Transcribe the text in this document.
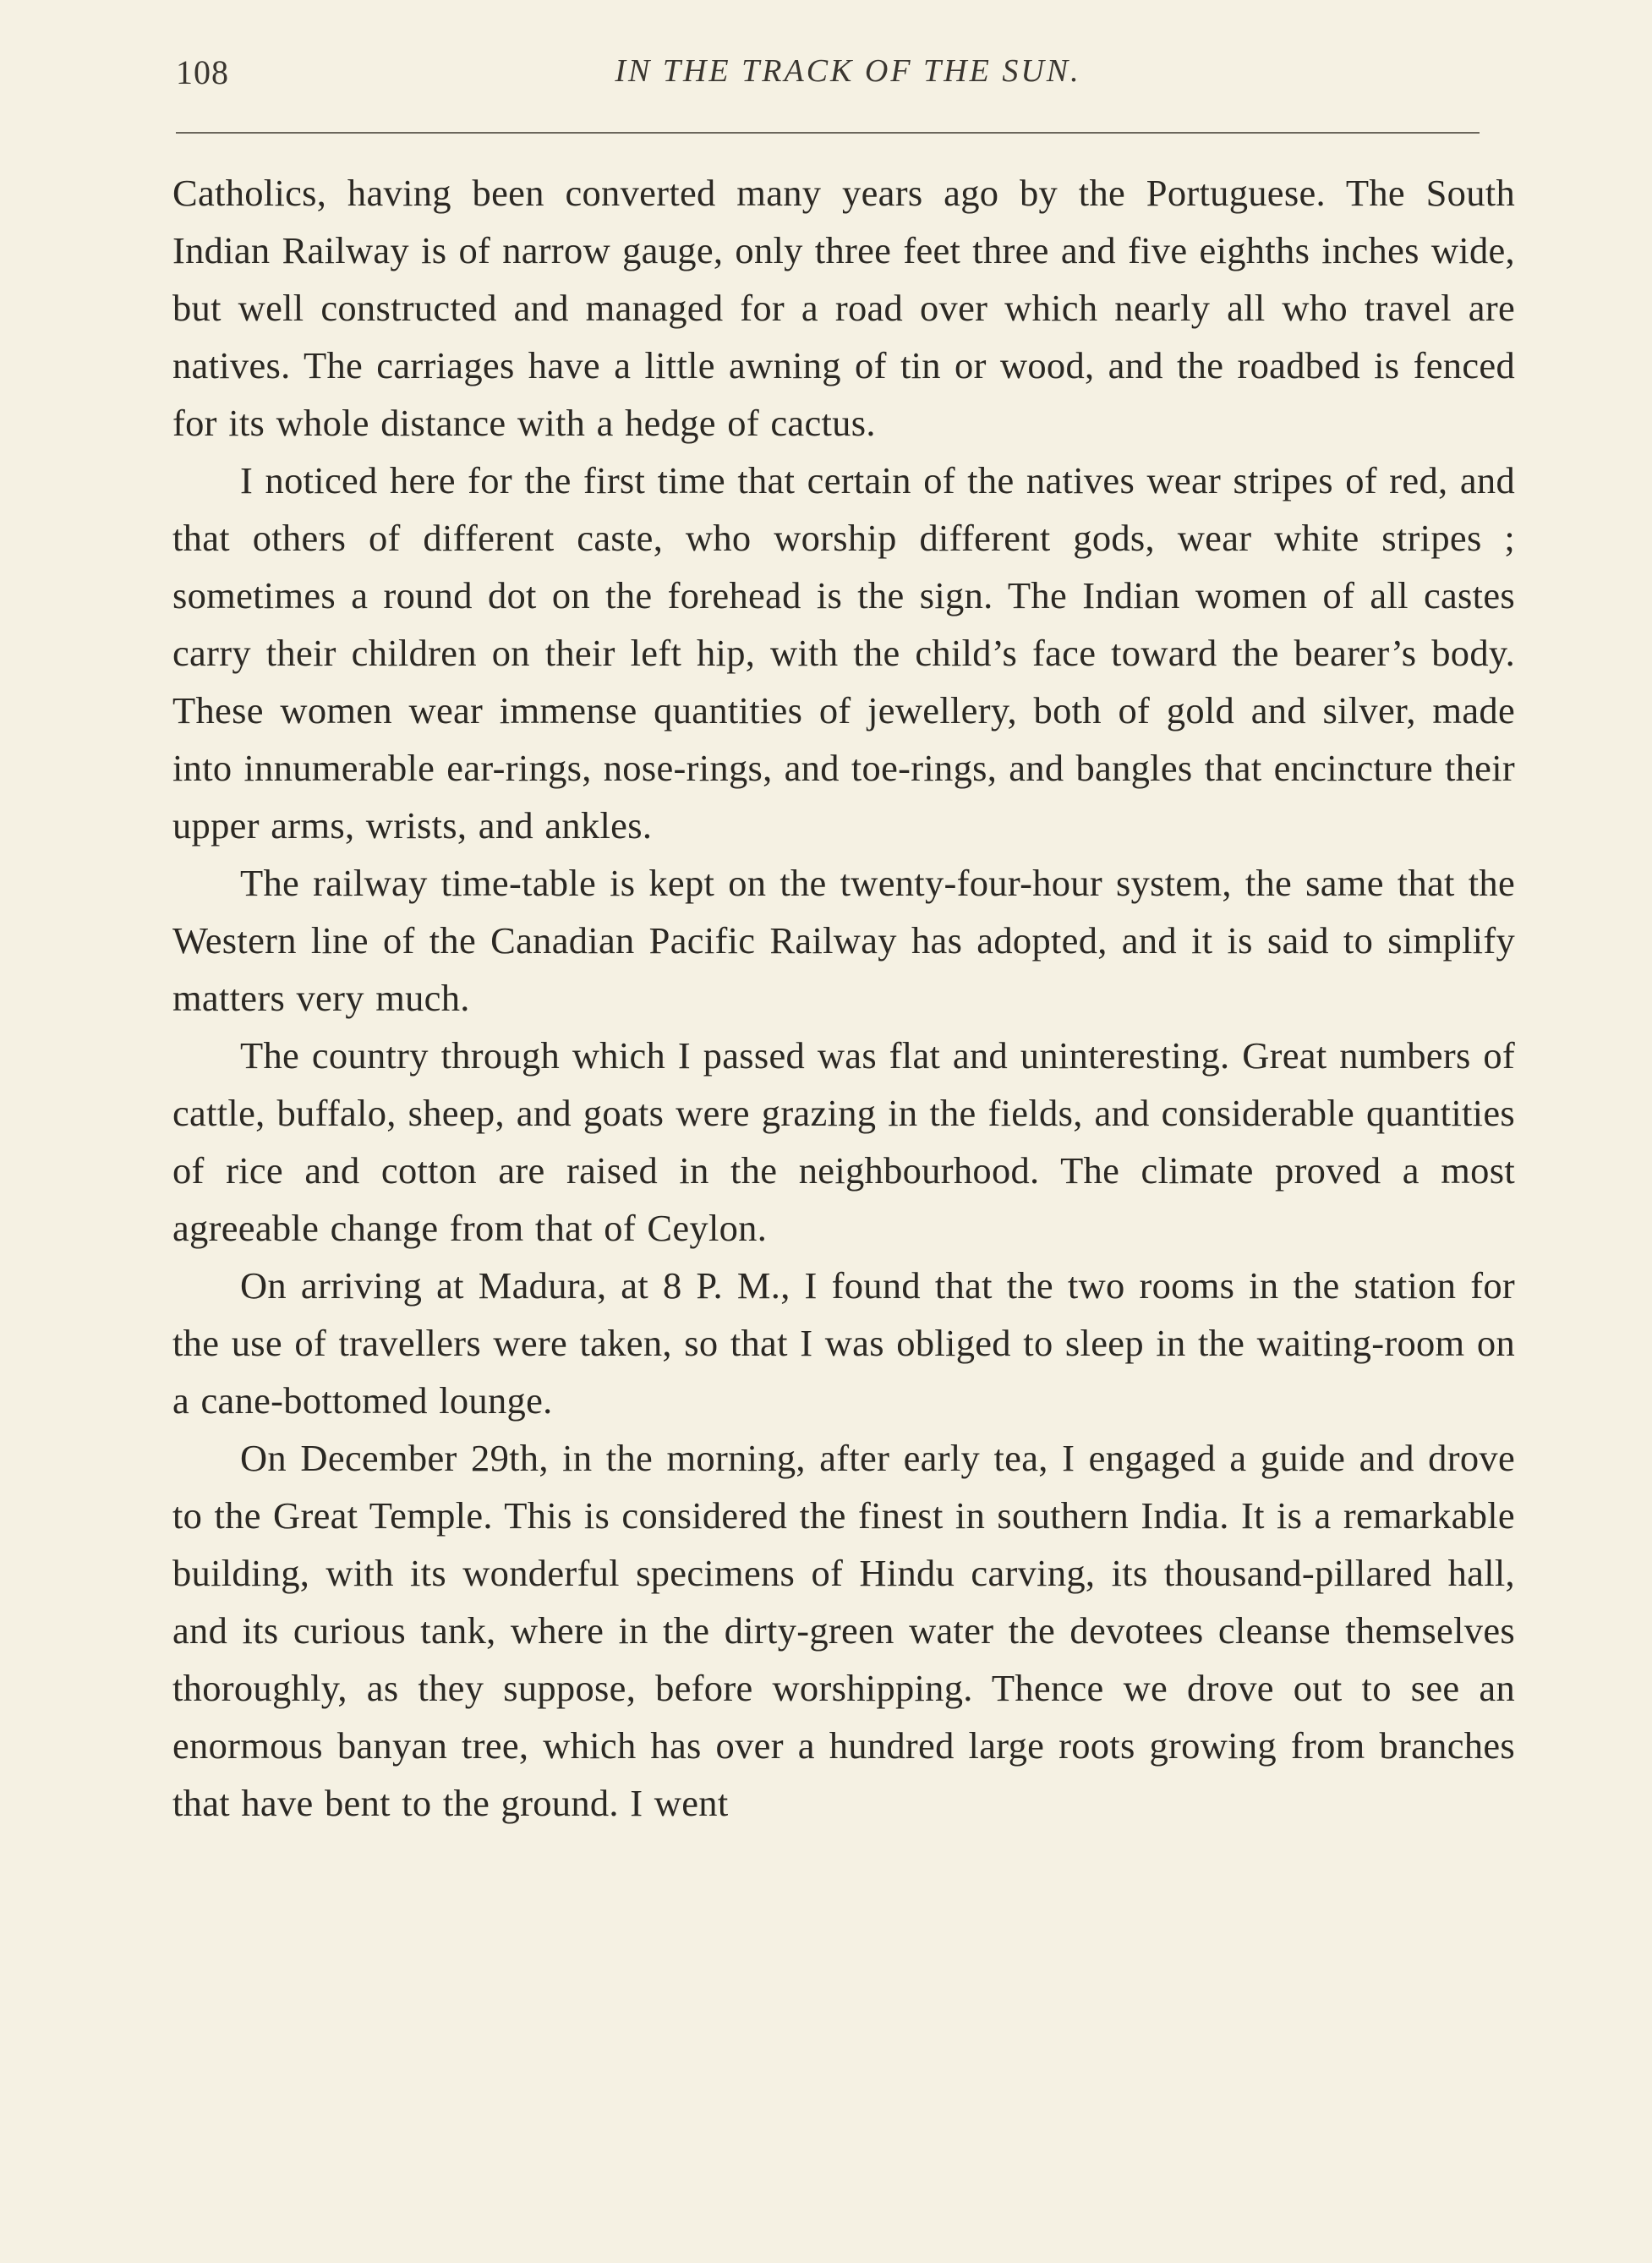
108	IN THE TRACK OF THE SUN.

Catholics, having been converted many years ago by the Portuguese. The South Indian Railway is of narrow gauge, only three feet three and five eighths inches wide, but well constructed and managed for a road over which nearly all who travel are natives. The carriages have a little awning of tin or wood, and the roadbed is fenced for its whole distance with a hedge of cactus.

I noticed here for the first time that certain of the natives wear stripes of red, and that others of different caste, who worship different gods, wear white stripes ; sometimes a round dot on the forehead is the sign. The Indian women of all castes carry their children on their left hip, with the child’s face toward the bearer’s body. These women wear immense quantities of jewellery, both of gold and silver, made into innumerable ear-rings, nose-rings, and toe-rings, and bangles that encincture their upper arms, wrists, and ankles.

The railway time-table is kept on the twenty-four-hour system, the same that the Western line of the Canadian Pacific Railway has adopted, and it is said to simplify matters very much.

The country through which I passed was flat and uninteresting. Great numbers of cattle, buffalo, sheep, and goats were grazing in the fields, and considerable quantities of rice and cotton are raised in the neighbourhood. The climate proved a most agreeable change from that of Ceylon.

On arriving at Madura, at 8 P. M., I found that the two rooms in the station for the use of travellers were taken, so that I was obliged to sleep in the waiting-room on a cane-bottomed lounge.

On December 29th, in the morning, after early tea, I engaged a guide and drove to the Great Temple. This is considered the finest in southern India. It is a remarkable building, with its wonderful specimens of Hindu carving, its thousand-pillared hall, and its curious tank, where in the dirty-green water the devotees cleanse themselves thoroughly, as they suppose, before worshipping. Thence we drove out to see an enormous banyan tree, which has over a hundred large roots growing from branches that have bent to the ground. I went
